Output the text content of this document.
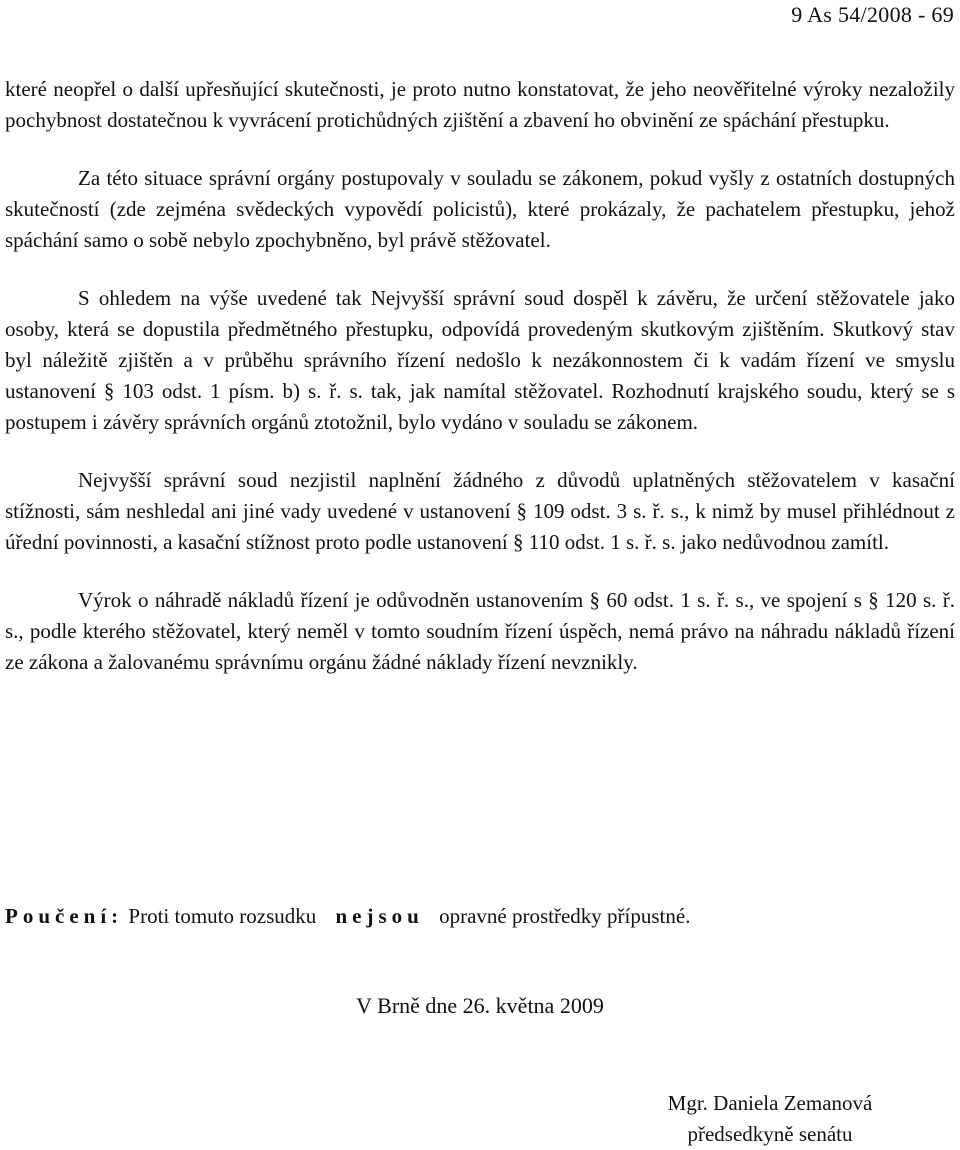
9 As 54/2008 - 69

které neopřel o další upřesňující skutečnosti, je proto nutno konstatovat, že jeho neověřitelné výroky nezaložily pochybnost dostatečnou k vyvrácení protichůdných zjištění a zbavení ho obvinění ze spáchání přestupku.

Za této situace správní orgány postupovaly v souladu se zákonem, pokud vyšly z ostatních dostupných skutečností (zde zejména svědeckých vypovědí policistů), které prokázaly, že pachatelem přestupku, jehož spáchání samo o sobě nebylo zpochybněno, byl právě stěžovatel.

S ohledem na výše uvedené tak Nejvyšší správní soud dospěl k závěru, že určení stěžovatele jako osoby, která se dopustila předmětného přestupku, odpovídá provedeným skutkovým zjištěním. Skutkový stav byl náležitě zjištěn a v průběhu správního řízení nedošlo k nezákonnostem či k vadám řízení ve smyslu ustanovení § 103 odst. 1 písm. b) s. ř. s. tak, jak namítal stěžovatel. Rozhodnutí krajského soudu, který se s postupem i závěry správních orgánů ztotožnil, bylo vydáno v souladu se zákonem.

Nejvyšší správní soud nezjistil naplnění žádného z důvodů uplatněných stěžovatelem v kasační stížnosti, sám neshledal ani jiné vady uvedené v ustanovení § 109 odst. 3 s. ř. s., k nimž by musel přihlédnout z úřední povinnosti, a kasační stížnost proto podle ustanovení § 110 odst. 1 s. ř. s. jako nedůvodnou zamítl.

Výrok o náhradě nákladů řízení je odůvodněn ustanovením § 60 odst. 1 s. ř. s., ve spojení s § 120 s. ř. s., podle kterého stěžovatel, který neměl v tomto soudním řízení úspěch, nemá právo na náhradu nákladů řízení ze zákona a žalovanému správnímu orgánu žádné náklady řízení nevznikly.

Poučení: Proti tomuto rozsudku nejsou opravné prostředky přípustné.
V Brně dne 26. května 2009
Mgr. Daniela Zemanová
předsedkyně senátu
